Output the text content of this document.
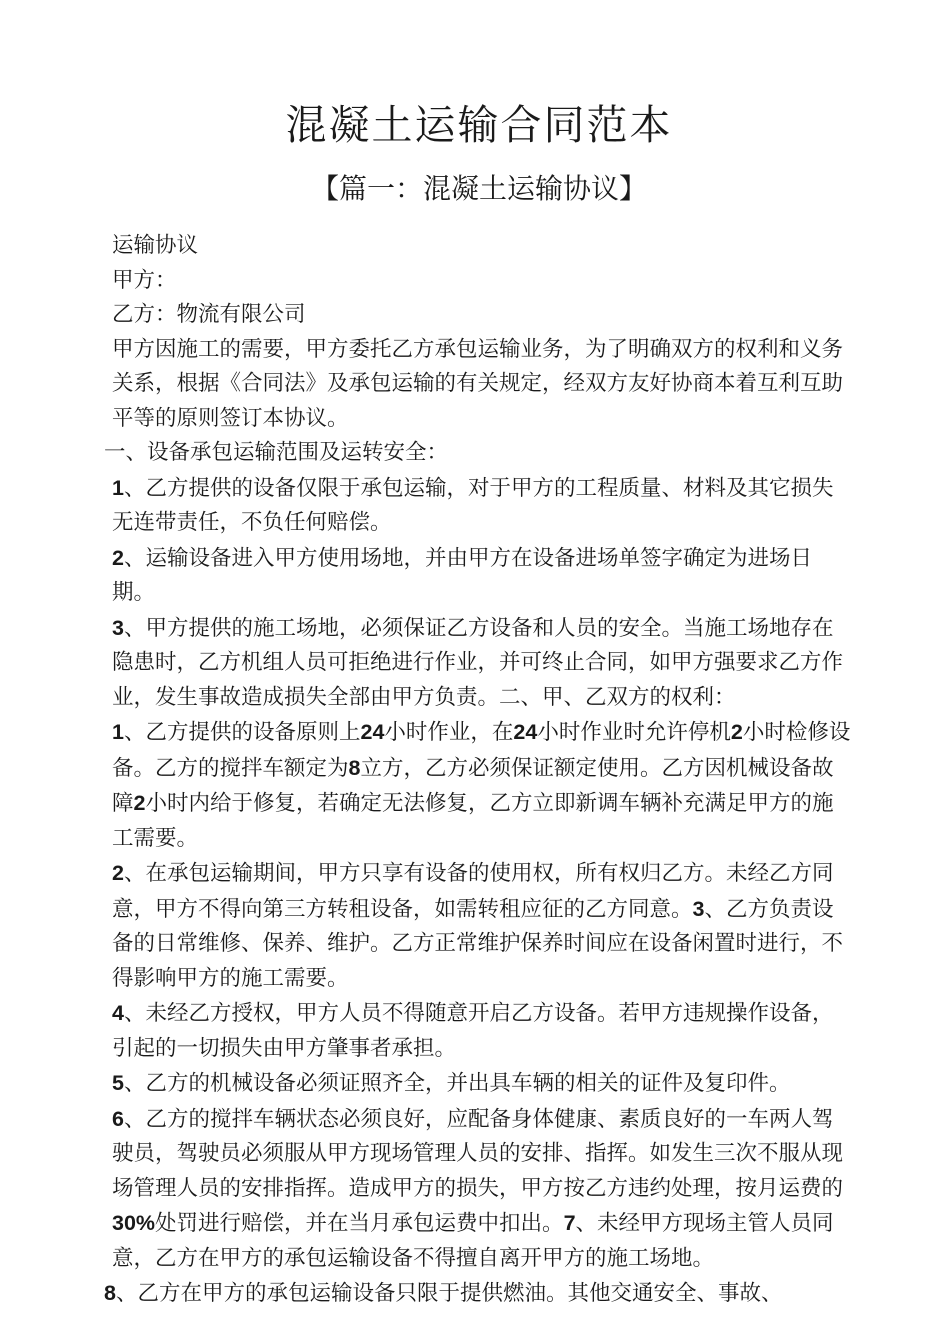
混凝土运输合同范本
【篇一：混凝土运输协议】

运输协议

甲方：

乙方：物流有限公司

甲方因施工的需要，甲方委托乙方承包运输业务，为了明确双方的权利和义务关系，根据《合同法》及承包运输的有关规定，经双方友好协商本着互利互助平等的原则签订本协议。

一、设备承包运输范围及运转安全：

1、乙方提供的设备仅限于承包运输，对于甲方的工程质量、材料及其它损失无连带责任，不负任何赔偿。

2、运输设备进入甲方使用场地，并由甲方在设备进场单签字确定为进场日期。

3、甲方提供的施工场地，必须保证乙方设备和人员的安全。当施工场地存在隐患时，乙方机组人员可拒绝进行作业，并可终止合同，如甲方强要求乙方作业，发生事故造成损失全部由甲方负责。二、甲、乙双方的权利：

1、乙方提供的设备原则上24小时作业，在24小时作业时允许停机2小时检修设备。乙方的搅拌车额定为8立方，乙方必须保证额定使用。乙方因机械设备故障2小时内给于修复，若确定无法修复，乙方立即新调车辆补充满足甲方的施工需要。

2、在承包运输期间，甲方只享有设备的使用权，所有权归乙方。未经乙方同意，甲方不得向第三方转租设备，如需转租应征的乙方同意。3、乙方负责设备的日常维修、保养、维护。乙方正常维护保养时间应在设备闲置时进行，不得影响甲方的施工需要。

4、未经乙方授权，甲方人员不得随意开启乙方设备。若甲方违规操作设备，引起的一切损失由甲方肇事者承担。

5、乙方的机械设备必须证照齐全，并出具车辆的相关的证件及复印件。

6、乙方的搅拌车辆状态必须良好，应配备身体健康、素质良好的一车两人驾驶员，驾驶员必须服从甲方现场管理人员的安排、指挥。如发生三次不服从现场管理人员的安排指挥。造成甲方的损失，甲方按乙方违约处理，按月运费的30%处罚进行赔偿，并在当月承包运费中扣出。7、未经甲方现场主管人员同意，乙方在甲方的承包运输设备不得擅自离开甲方的施工场地。

8、乙方在甲方的承包运输设备只限于提供燃油。其他交通安全、事故、
